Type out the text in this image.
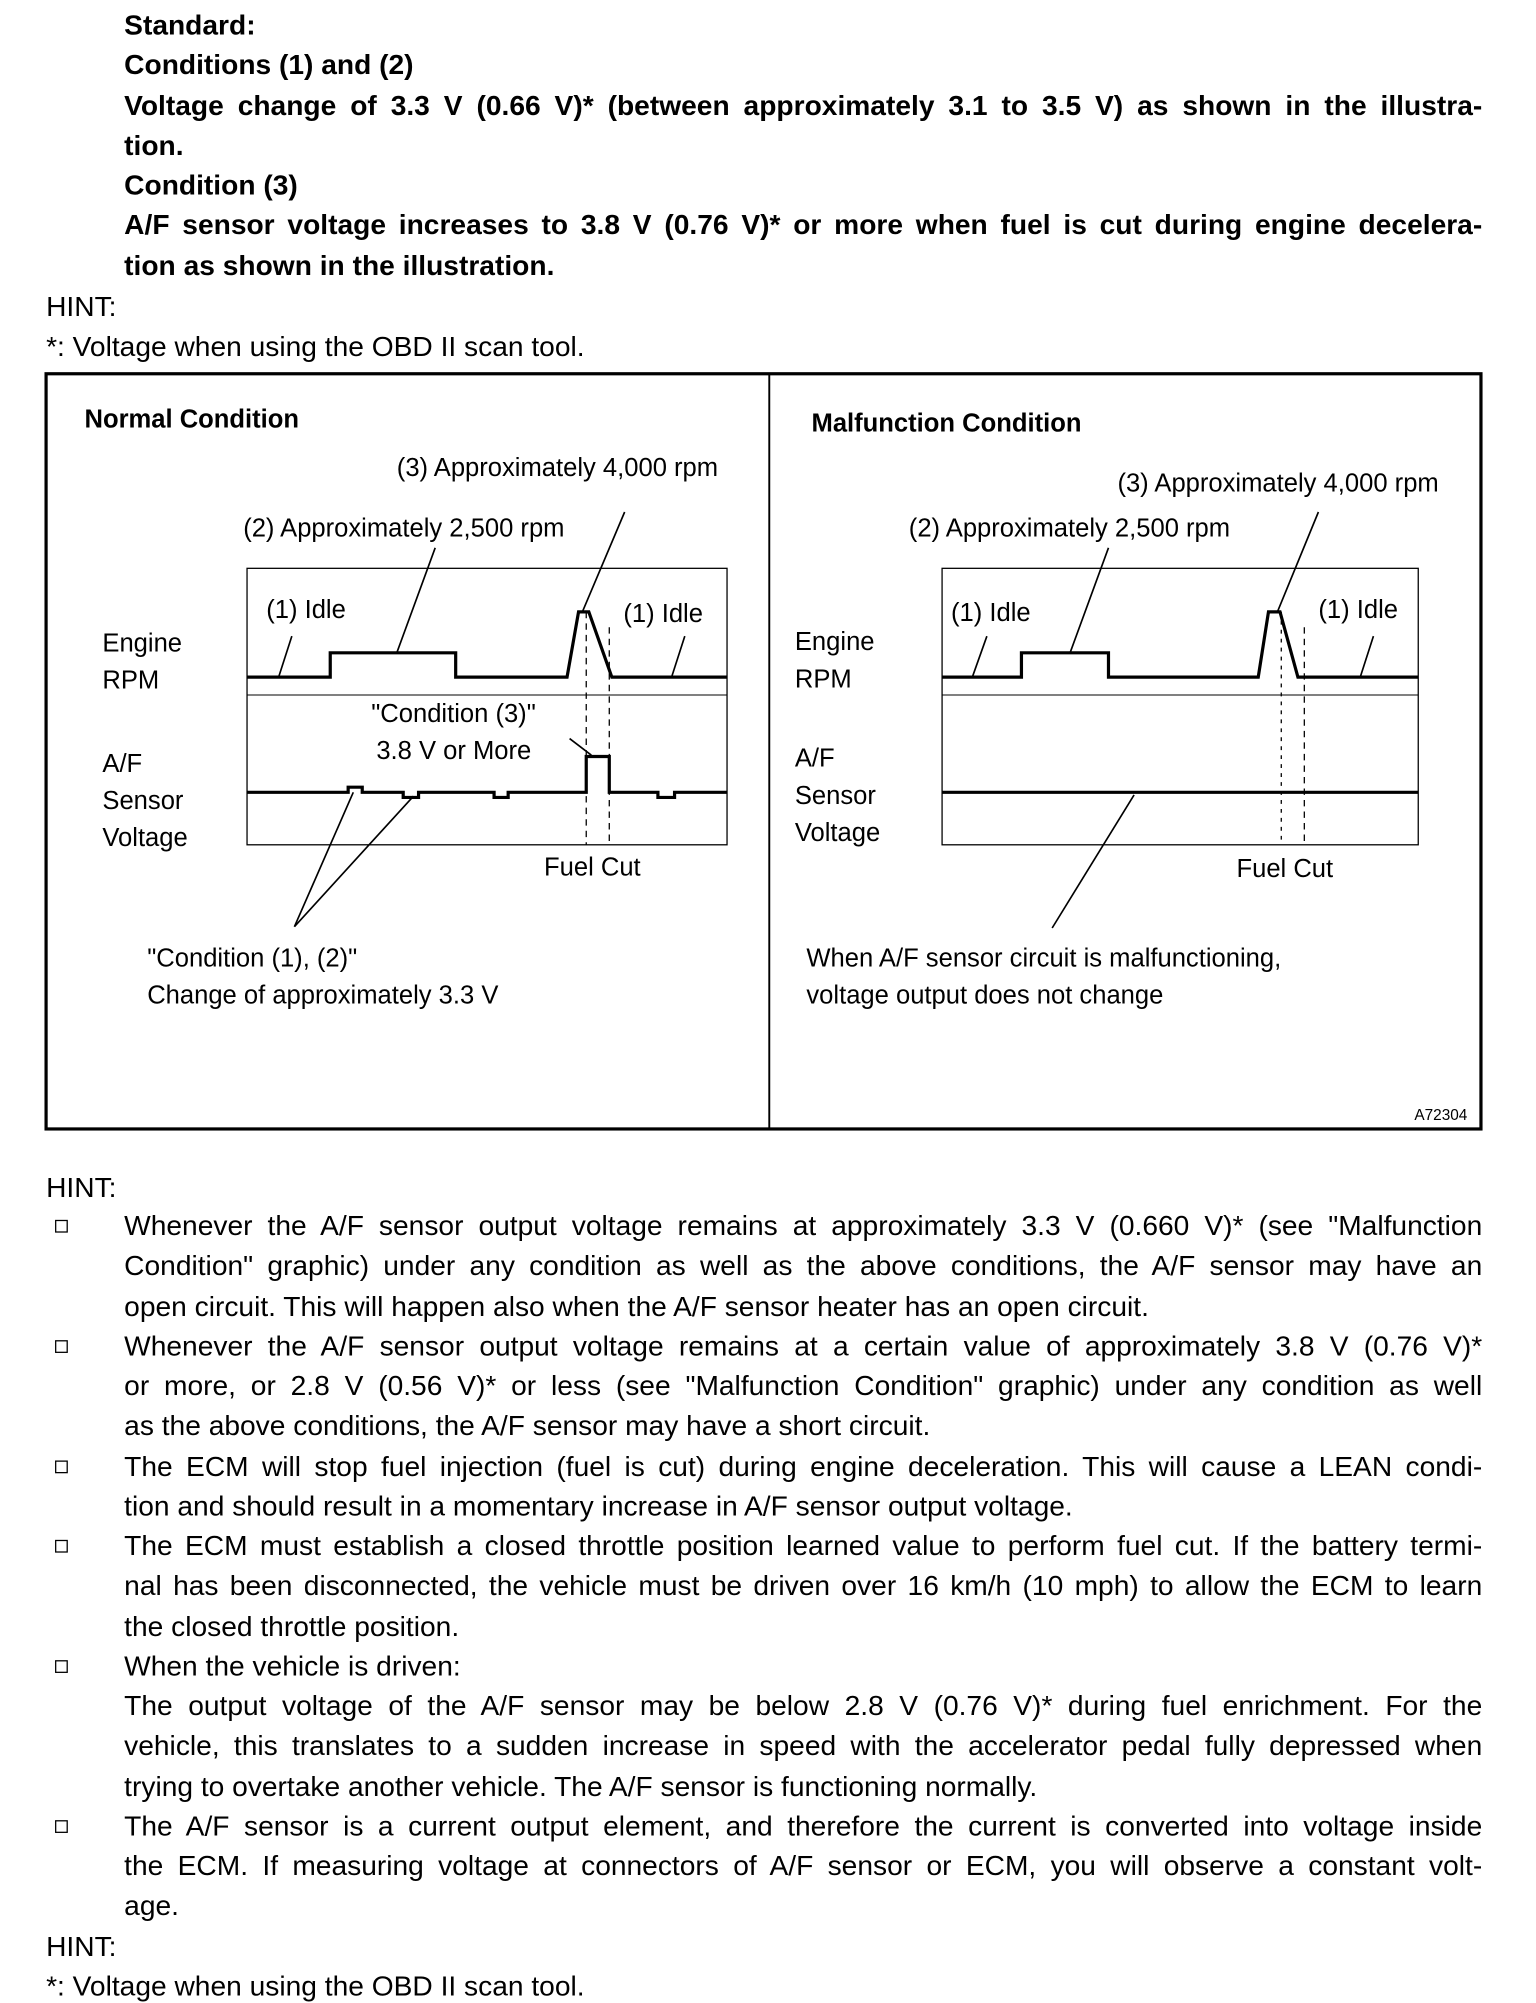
Standard:
Conditions (1) and (2)
Voltage change of 3.3 V (0.66 V)* (between approximately 3.1 to 3.5 V) as shown in the illustra-
tion.
Condition (3)
A/F sensor voltage increases to 3.8 V (0.76 V)* or more when fuel is cut during engine decelera-
tion as shown in the illustration.
HINT:
*: Voltage when using the OBD II scan tool.
Normal Condition
(3) Approximately 4,000 rpm
(2) Approximately 2,500 rpm
(1) Idle	(1) Idle
Engine
RPM
A/F
Sensor
Voltage
"Condition (3)"
3.8 V or More
Fuel Cut
"Condition (1), (2)"
Change of approximately 3.3 V
Malfunction Condition
(3) Approximately 4,000 rpm
(2) Approximately 2,500 rpm
(1) Idle	(1) Idle
Engine
RPM
A/F
Sensor
Voltage
Fuel Cut
When A/F sensor circuit is malfunctioning,
voltage output does not change
A72304
HINT:
Whenever the A/F sensor output voltage remains at approximately 3.3 V (0.660 V)* (see "Malfunction
Condition" graphic) under any condition as well as the above conditions, the A/F sensor may have an
open circuit. This will happen also when the A/F sensor heater has an open circuit.
Whenever the A/F sensor output voltage remains at a certain value of approximately 3.8 V (0.76 V)*
or more, or 2.8 V (0.56 V)* or less (see "Malfunction Condition" graphic) under any condition as well
as the above conditions, the A/F sensor may have a short circuit.
The ECM will stop fuel injection (fuel is cut) during engine deceleration. This will cause a LEAN condi-
tion and should result in a momentary increase in A/F sensor output voltage.
The ECM must establish a closed throttle position learned value to perform fuel cut. If the battery termi-
nal has been disconnected, the vehicle must be driven over 16 km/h (10 mph) to allow the ECM to learn
the closed throttle position.
When the vehicle is driven:
The output voltage of the A/F sensor may be below 2.8 V (0.76 V)* during fuel enrichment. For the
vehicle, this translates to a sudden increase in speed with the accelerator pedal fully depressed when
trying to overtake another vehicle. The A/F sensor is functioning normally.
The A/F sensor is a current output element, and therefore the current is converted into voltage inside
the ECM. If measuring voltage at connectors of A/F sensor or ECM, you will observe a constant volt-
age.
HINT:
*: Voltage when using the OBD II scan tool.
